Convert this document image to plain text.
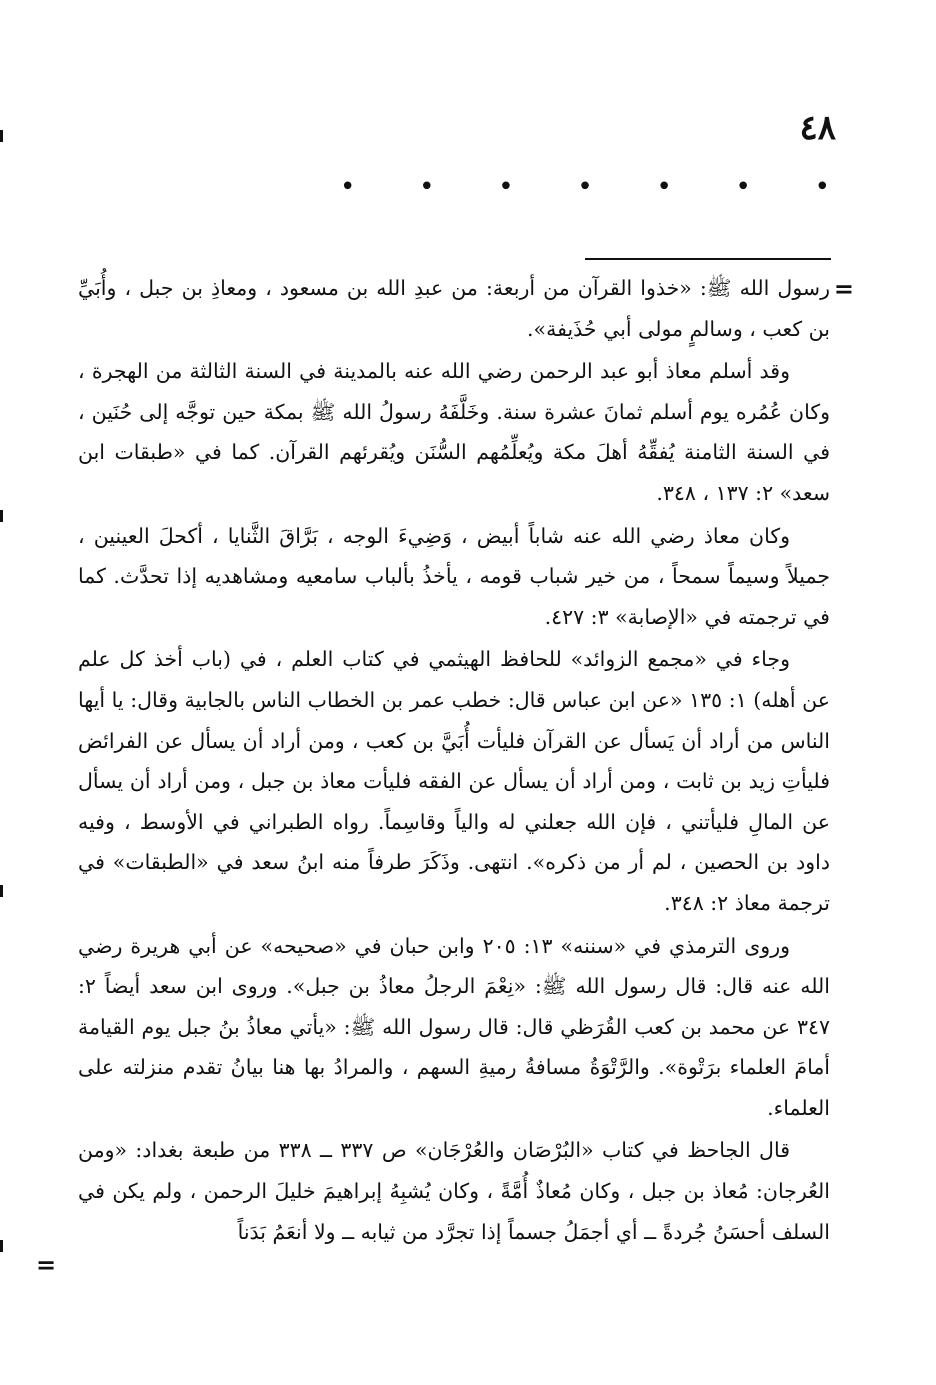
٤٨
• • • • • • •
=
=

رسول الله ﷺ: «خذوا القرآن من أربعة: من عبدِ الله بن مسعود ، ومعاذِ بن جبل ، وأُبَيِّ بن كعب ، وسالمٍ مولى أبي حُذَيفة».

وقد أسلم معاذ أبو عبد الرحمن رضي الله عنه بالمدينة في السنة الثالثة من الهجرة ، وكان عُمُره يوم أسلم ثمانَ عشرة سنة. وخَلَّفَهُ رسولُ الله ﷺ بمكة حين توجَّه إلى حُنَين ، في السنة الثامنة يُفقِّهُ أهلَ مكة ويُعلِّمُهم السُّنَن ويُقرئهم القرآن. كما في «طبقات ابن سعد» ٢: ١٣٧ ، ٣٤٨.

وكان معاذ رضي الله عنه شاباً أبيض ، وَضِيءَ الوجه ، بَرَّاقَ الثَّنايا ، أكحلَ العينين ، جميلاً وسيماً سمحاً ، من خير شباب قومه ، يأخذُ بألباب سامعيه ومشاهديه إذا تحدَّث. كما في ترجمته في «الإصابة» ٣: ٤٢٧.

وجاء في «مجمع الزوائد» للحافظ الهيثمي في كتاب العلم ، في (باب أخذ كل علم عن أهله) ١: ١٣٥ «عن ابن عباس قال: خطب عمر بن الخطاب الناس بالجابية وقال: يا أيها الناس من أراد أن يَسأل عن القرآن فليأت أُبَيَّ بن كعب ، ومن أراد أن يسأل عن الفرائض فليأتِ زيد بن ثابت ، ومن أراد أن يسأل عن الفقه فليأت معاذ بن جبل ، ومن أراد أن يسأل عن المالِ فليأتني ، فإن الله جعلني له والياً وقاسِماً. رواه الطبراني في الأوسط ، وفيه داود بن الحصين ، لم أر من ذكره». انتهى. وذَكَرَ طرفاً منه ابنُ سعد في «الطبقات» في ترجمة معاذ ٢: ٣٤٨.

وروى الترمذي في «سننه» ١٣: ٢٠٥ وابن حبان في «صحيحه» عن أبي هريرة رضي الله عنه قال: قال رسول الله ﷺ: «نِعْمَ الرجلُ معاذُ بن جبل». وروى ابن سعد أيضاً ٢: ٣٤٧ عن محمد بن كعب القُرَظي قال: قال رسول الله ﷺ: «يأتي معاذُ بنُ جبل يوم القيامة أمامَ العلماء برَتْوة». والرَّتْوَةُ مسافةُ رميةِ السهم ، والمرادُ بها هنا بيانُ تقدم منزلته على العلماء.

قال الجاحظ في كتاب «البُرْصَان والعُرْجَان» ص ٣٣٧ ــ ٣٣٨ من طبعة بغداد: «ومن العُرجان: مُعاذ بن جبل ، وكان مُعاذٌ أُمَّةً ، وكان يُشبِهُ إبراهيمَ خليلَ الرحمن ، ولم يكن في السلف أحسَنُ جُردةً ــ أي أجمَلُ جسماً إذا تجرَّد من ثيابه ــ ولا أنعَمُ بَدَناً
